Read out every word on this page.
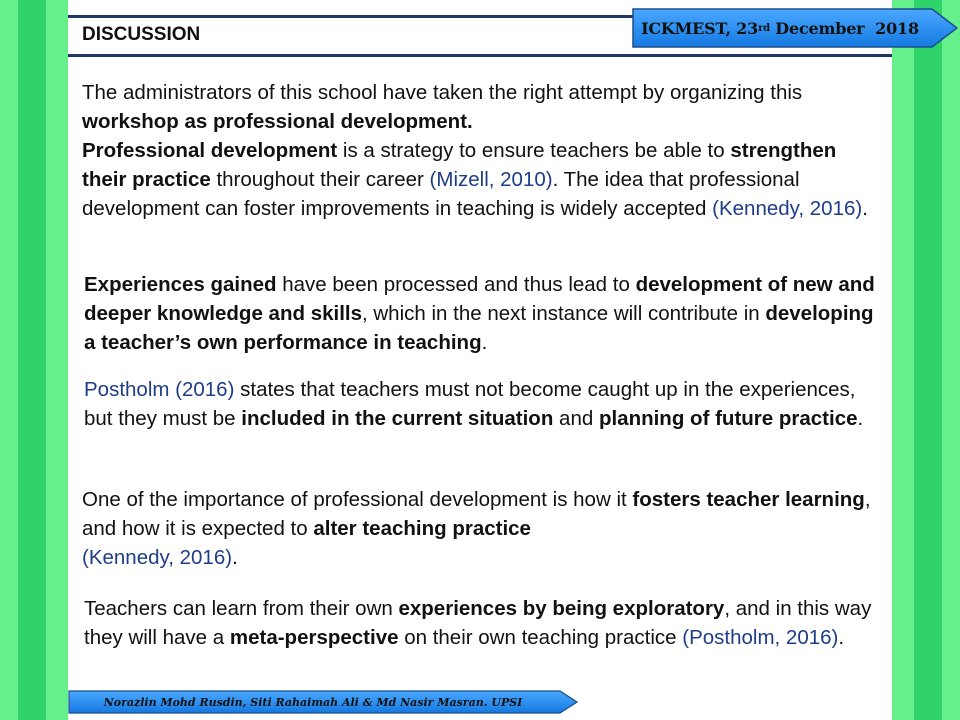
DISCUSSION	ICKMEST, 23 rd December  2018
The administrators of this school have taken the right attempt by organizing this workshop as professional development.
Professional development is a strategy to ensure teachers be able to strengthen their practice throughout their career (Mizell, 2010). The idea that professional development can foster improvements in teaching is widely accepted (Kennedy, 2016).
Experiences gained have been processed and thus lead to development of new and deeper knowledge and skills, which in the next instance will contribute in developing a teacher’s own performance in teaching.
Postholm (2016) states that teachers must not become caught up in the experiences, but they must be included in the current situation and planning of future practice.
One of the importance of professional development is how it fosters teacher learning, and how it is expected to alter teaching practice
(Kennedy, 2016).
Teachers can learn from their own experiences by being exploratory, and in this way they will have a meta-perspective on their own teaching practice (Postholm, 2016).
Norazlin Mohd Rusdin, Siti Rahaimah Ali & Md Nasir Masran. UPSI
